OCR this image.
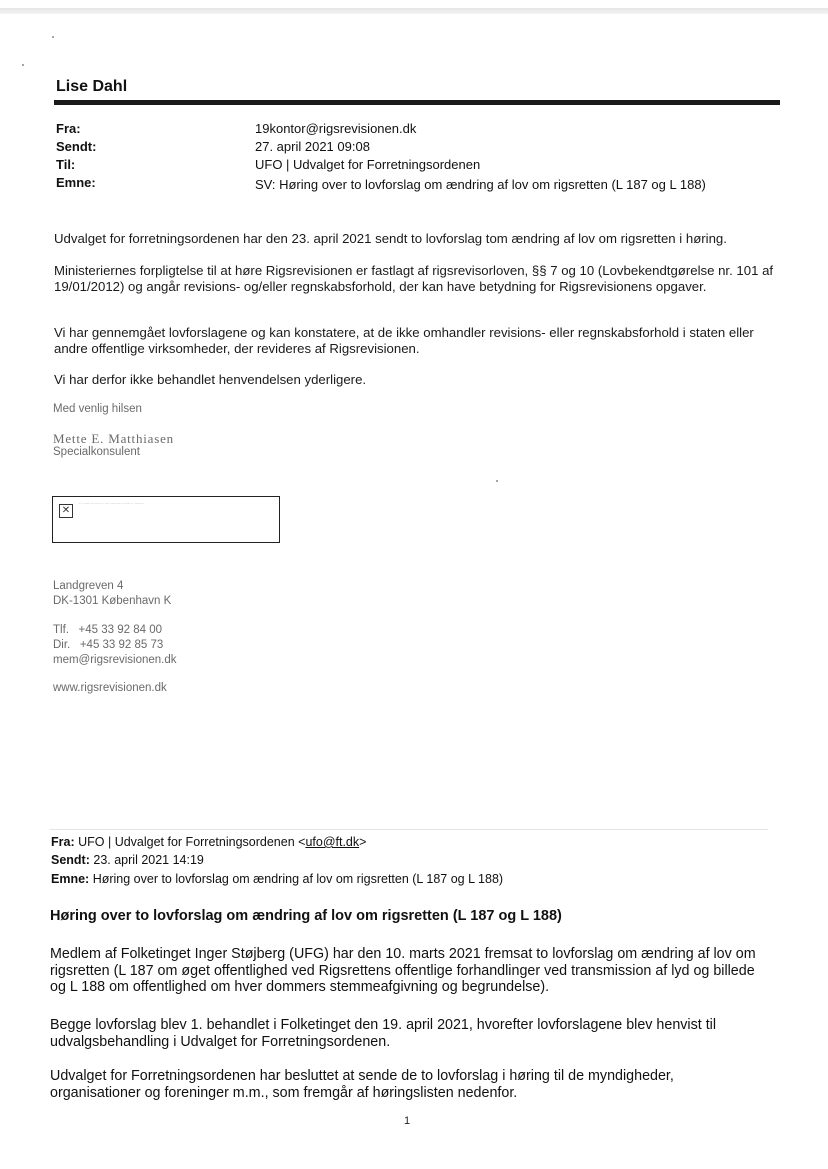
Lise Dahl
Fra:	19kontor@rigsrevisionen.dk
Sendt:	27. april 2021 09:08
Til:	UFO | Udvalget for Forretningsordenen
Emne:	SV: Høring over to lovforslag om ændring af lov om rigsretten (L 187 og L 188)
Udvalget for forretningsordenen har den 23. april 2021 sendt to lovforslag tom ændring af lov om rigsretten i høring.
Ministeriernes forpligtelse til at høre Rigsrevisionen er fastlagt af rigsrevisorloven, §§ 7 og 10 (Lovbekendtgørelse nr. 101 af 19/01/2012) og angår revisions- og/eller regnskabsforhold, der kan have betydning for Rigsrevisionens opgaver.
Vi har gennemgået lovforslagene og kan konstatere, at de ikke omhandler revisions- eller regnskabsforhold i staten eller andre offentlige virksomheder, der revideres af Rigsrevisionen.
Vi har derfor ikke behandlet henvendelsen yderligere.
Med venlig hilsen
Mette E. Matthiasen
Specialkonsulent
✕
·· ·········· ······ · ···· ········· ······· ·· ········
Landgreven 4
DK-1301 København K
Tlf.   +45 33 92 84 00
Dir.   +45 33 92 85 73
mem@rigsrevisionen.dk
www.rigsrevisionen.dk
Fra: UFO | Udvalget for Forretningsordenen <ufo@ft.dk>
Sendt: 23. april 2021 14:19
Emne: Høring over to lovforslag om ændring af lov om rigsretten (L 187 og L 188)
Høring over to lovforslag om ændring af lov om rigsretten (L 187 og L 188)
Medlem af Folketinget Inger Støjberg (UFG) har den 10. marts 2021 fremsat to lovforslag om ændring af lov om rigsretten (L 187 om øget offentlighed ved Rigsrettens offentlige forhandlinger ved transmission af lyd og billede og L 188 om offentlighed om hver dommers stemmeafgivning og begrundelse).
Begge lovforslag blev 1. behandlet i Folketinget den 19. april 2021, hvorefter lovforslagene blev henvist til udvalgsbehandling i Udvalget for Forretningsordenen.
Udvalget for Forretningsordenen har besluttet at sende de to lovforslag i høring til de myndigheder, organisationer og foreninger m.m., som fremgår af høringslisten nedenfor.
1
